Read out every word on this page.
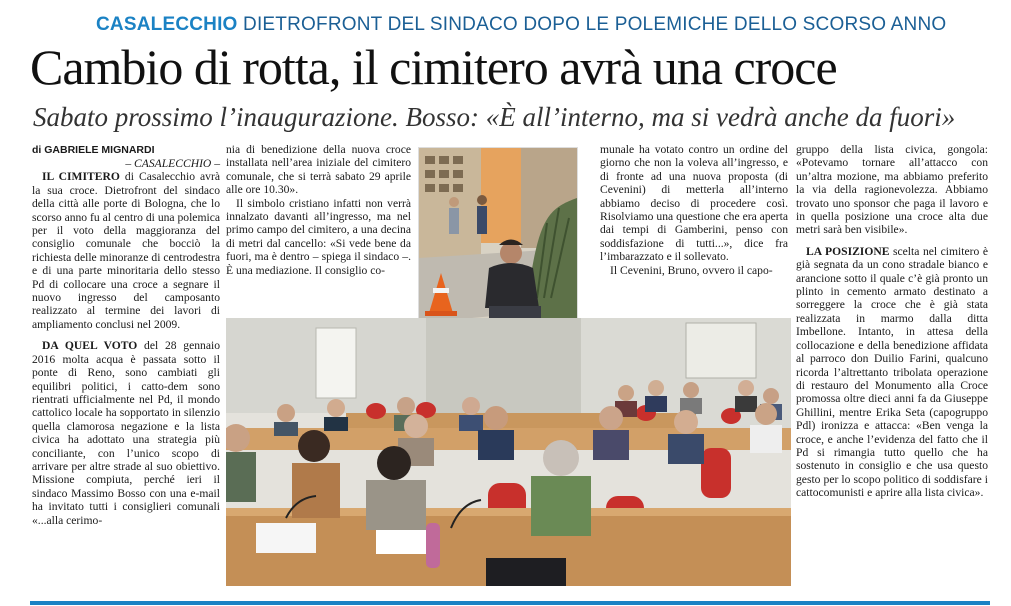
CASALECCHIO DIETROFRONT DEL SINDACO DOPO LE POLEMICHE DELLO SCORSO ANNO
Cambio di rotta, il cimitero avrà una croce
Sabato prossimo l’inaugurazione. Bosso: «È all’interno, ma si vedrà anche da fuori»
di GABRIELE MIGNARDI

– CASALECCHIO –

IL CIMITERO di Casalecchio avrà la sua croce. Dietrofront del sindaco della città alle porte di Bologna, che lo scorso anno fu al centro di una polemica per il voto della maggioranza del consiglio comunale che bocciò la richiesta delle minoranze di centrodestra e di una parte minoritaria dello stesso Pd di collocare una croce a segnare il nuovo ingresso del camposanto realizzato al termine dei lavori di ampliamento conclusi nel 2009.

DA QUEL VOTO del 28 gennaio 2016 molta acqua è passata sotto il ponte di Reno, sono cambiati gli equilibri politici, i catto-dem sono rientrati ufficialmente nel Pd, il mondo cattolico locale ha sopportato in silenzio quella clamorosa negazione e la lista civica ha adottato una strategia più conciliante, con l’unico scopo di arrivare per altre strade al suo obiettivo. Missione compiuta, perché ieri il sindaco Massimo Bosso con una e-mail ha invitato tutti i consiglieri comunali «...alla cerimo-

nia di benedizione della nuova croce installata nell’area iniziale del cimitero comunale, che si terrà sabato 29 aprile alle ore 10.30».

Il simbolo cristiano infatti non verrà innalzato davanti all’ingresso, ma nel primo campo del cimitero, a una decina di metri dal cancello: «Si vede bene da fuori, ma è dentro – spiega il sindaco –. È una mediazione. Il consiglio co-

munale ha votato contro un ordine del giorno che non la voleva all’ingresso, e di fronte ad una nuova proposta (di Cevenini) di metterla all’interno abbiamo deciso di procedere così. Risolviamo una questione che era aperta dai tempi di Gamberini, penso con soddisfazione di tutti...», dice fra l’imbarazzato e il sollevato.

Il Cevenini, Bruno, ovvero il capo-

gruppo della lista civica, gongola: «Potevamo tornare all’attacco con un’altra mozione, ma abbiamo preferito la via della ragionevolezza. Abbiamo trovato uno sponsor che paga il lavoro e in quella posizione una croce alta due metri sarà ben visibile».

LA POSIZIONE scelta nel cimitero è già segnata da un cono stradale bianco e arancione sotto il quale c’è già pronto un plinto in cemento armato destinato a sorreggere la croce che è già stata realizzata in marmo dalla ditta Imbellone. Intanto, in attesa della collocazione e della benedizione affidata al parroco don Duilio Farini, qualcuno ricorda l’altrettanto tribolata operazione di restauro del Monumento alla Croce promossa oltre dieci anni fa da Giuseppe Ghillini, mentre Erika Seta (capogruppo Pdl) ironizza e attacca: «Ben venga la croce, e anche l’evidenza del fatto che il Pd si rimangia tutto quello che ha sostenuto in consiglio e che usa questo gesto per lo scopo politico di soddisfare i cattocomunisti e aprire alla lista civica».
